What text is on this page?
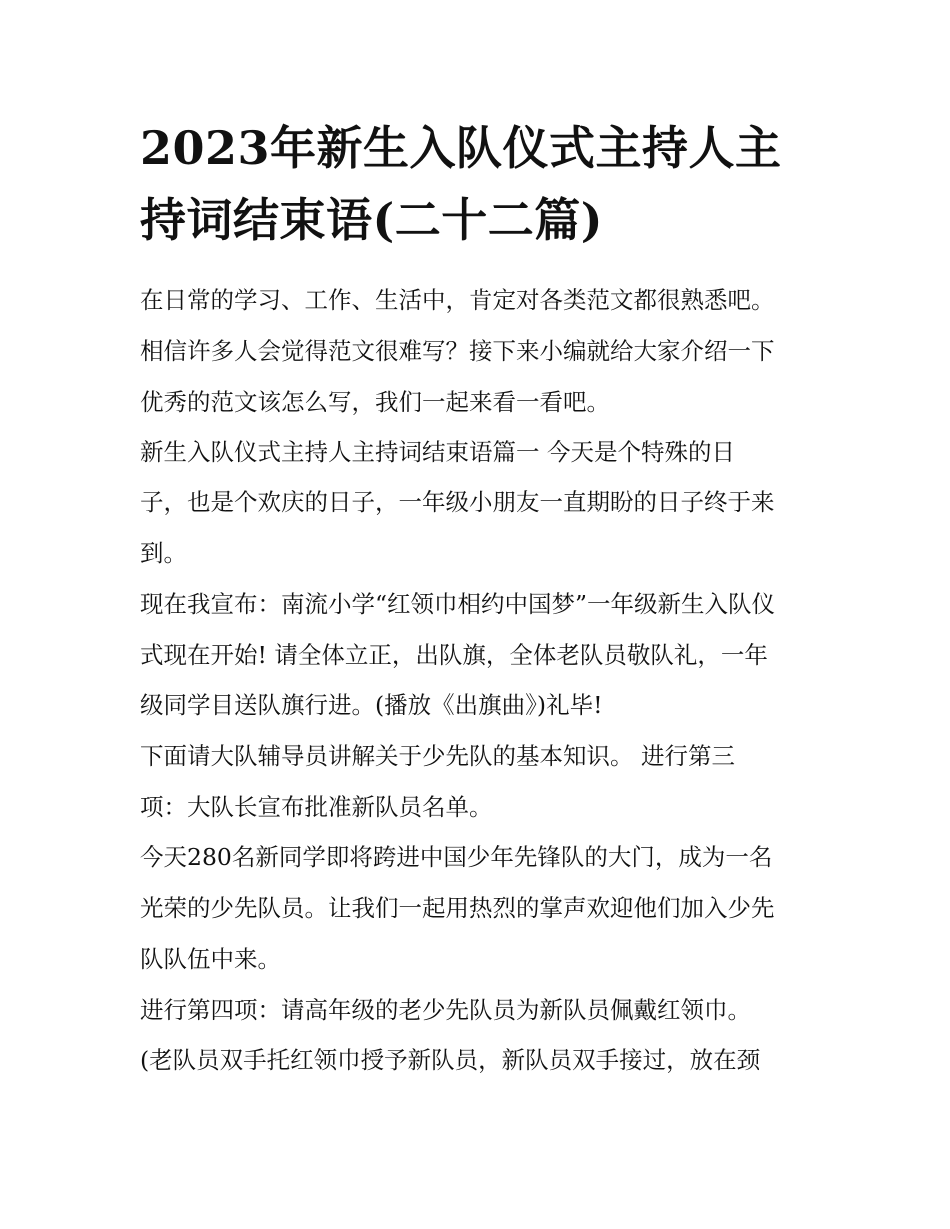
2023年新生入队仪式主持人主
持词结束语(二十二篇)

在日常的学习、工作、生活中，肯定对各类范文都很熟悉吧。

相信许多人会觉得范文很难写？接下来小编就给大家介绍一下

优秀的范文该怎么写，我们一起来看一看吧。

新生入队仪式主持人主持词结束语篇一 今天是个特殊的日

子，也是个欢庆的日子，一年级小朋友一直期盼的日子终于来

到。

现在我宣布：南流小学“红领巾相约中国梦”一年级新生入队仪

式现在开始! 请全体立正，出队旗，全体老队员敬队礼，一年

级同学目送队旗行进。(播放《出旗曲》)礼毕!

下面请大队辅导员讲解关于少先队的基本知识。 进行第三

项：大队长宣布批准新队员名单。

今天280名新同学即将跨进中国少年先锋队的大门，成为一名

光荣的少先队员。让我们一起用热烈的掌声欢迎他们加入少先

队队伍中来。

进行第四项：请高年级的老少先队员为新队员佩戴红领巾。

(老队员双手托红领巾授予新队员，新队员双手接过，放在颈
